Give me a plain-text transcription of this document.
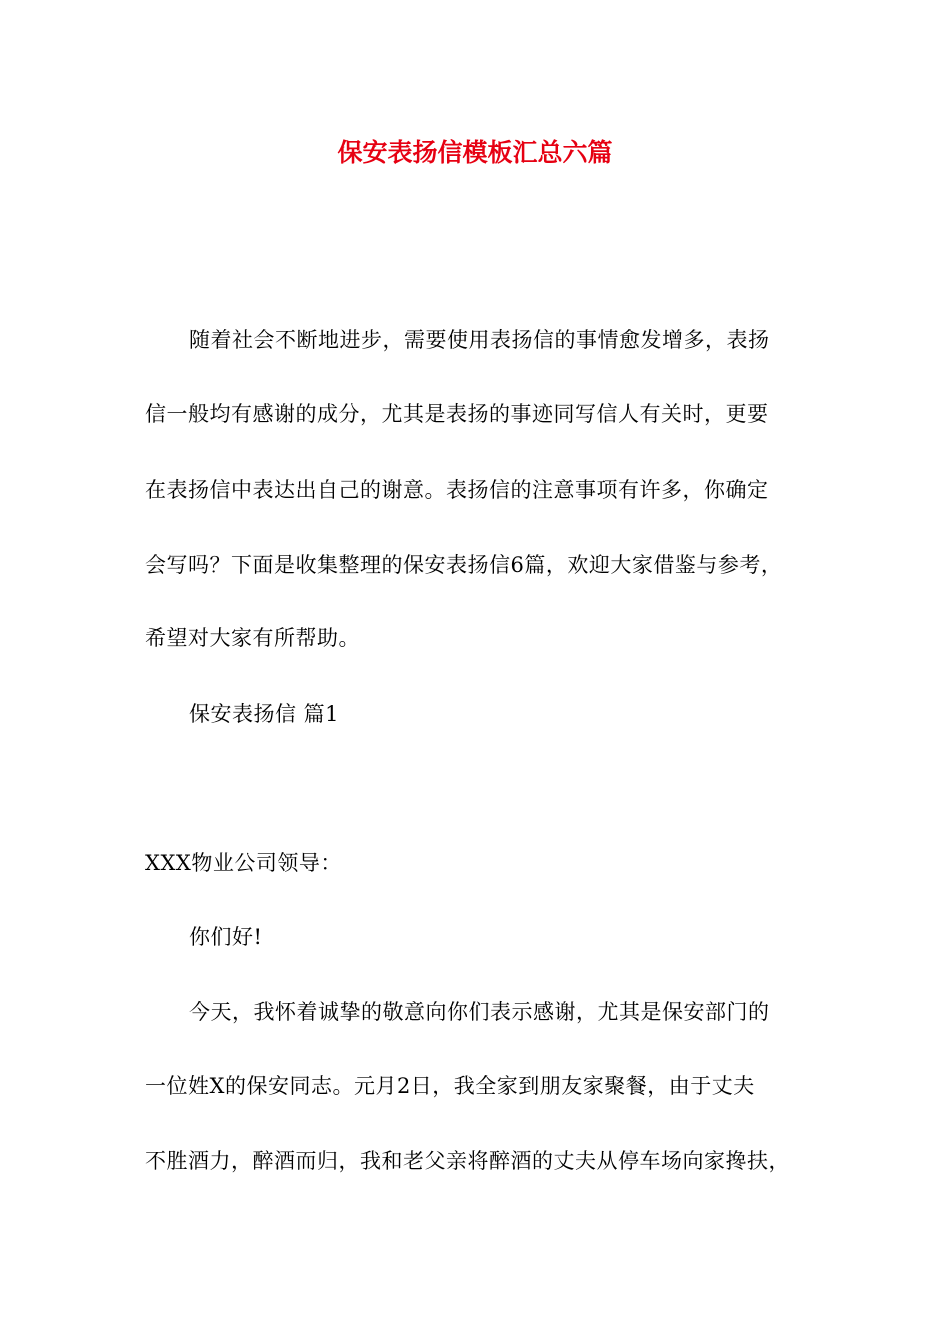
保安表扬信模板汇总六篇
随着社会不断地进步，需要使用表扬信的事情愈发增多，表扬
信一般均有感谢的成分，尤其是表扬的事迹同写信人有关时，更要
在表扬信中表达出自己的谢意。表扬信的注意事项有许多，你确定
会写吗？下面是收集整理的保安表扬信6篇，欢迎大家借鉴与参考，
希望对大家有所帮助。
保安表扬信 篇1
XXX物业公司领导：
你们好!
今天，我怀着诚挚的敬意向你们表示感谢，尤其是保安部门的
一位姓X的保安同志。元月2日，我全家到朋友家聚餐，由于丈夫
不胜酒力，醉酒而归，我和老父亲将醉酒的丈夫从停车场向家搀扶，
